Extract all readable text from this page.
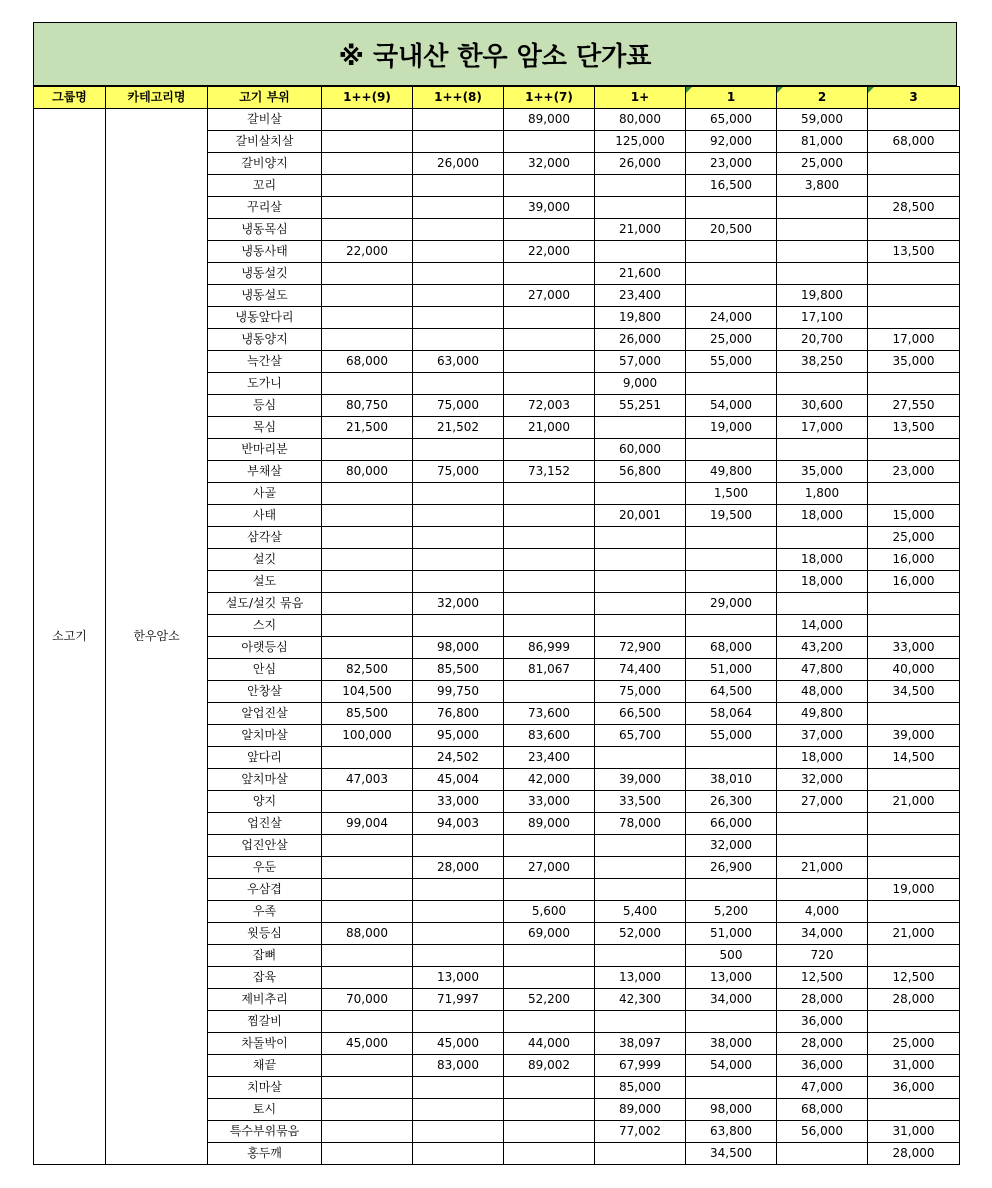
※ 국내산 한우 암소 단가표
그룹명	카테고리명	고기 부위	1++(9)	1++(8)	1++(7)	1+	1	2	3
소고기	한우암소	갈비살			89,000	80,000	65,000	59,000	
		갈비살치살				125,000	92,000	81,000	68,000
		갈비양지		26,000	32,000	26,000	23,000	25,000	
		꼬리					16,500	3,800	
		꾸리살			39,000				28,500
		냉동목심				21,000	20,500		
		냉동사태	22,000		22,000				13,500
		냉동설깃				21,600			
		냉동설도			27,000	23,400		19,800	
		냉동앞다리				19,800	24,000	17,100	
		냉동양지				26,000	25,000	20,700	17,000
		늑간살	68,000	63,000		57,000	55,000	38,250	35,000
		도가니				9,000			
		등심	80,750	75,000	72,003	55,251	54,000	30,600	27,550
		목심	21,500	21,502	21,000		19,000	17,000	13,500
		반마리분				60,000			
		부채살	80,000	75,000	73,152	56,800	49,800	35,000	23,000
		사골					1,500	1,800	
		사태				20,001	19,500	18,000	15,000
		삼각살							25,000
		설깃						18,000	16,000
		설도						18,000	16,000
		설도/설깃 묶음		32,000			29,000		
		스지						14,000	
		아랫등심		98,000	86,999	72,900	68,000	43,200	33,000
		안심	82,500	85,500	81,067	74,400	51,000	47,800	40,000
		안창살	104,500	99,750		75,000	64,500	48,000	34,500
		알업진살	85,500	76,800	73,600	66,500	58,064	49,800	
		알치마살	100,000	95,000	83,600	65,700	55,000	37,000	39,000
		앞다리		24,502	23,400			18,000	14,500
		앞치마살	47,003	45,004	42,000	39,000	38,010	32,000	
		양지		33,000	33,000	33,500	26,300	27,000	21,000
		업진살	99,004	94,003	89,000	78,000	66,000		
		업진안살					32,000		
		우둔		28,000	27,000		26,900	21,000	
		우삼겹							19,000
		우족			5,600	5,400	5,200	4,000	
		윗등심	88,000		69,000	52,000	51,000	34,000	21,000
		잡뼈					500	720	
		잡육		13,000		13,000	13,000	12,500	12,500
		제비추리	70,000	71,997	52,200	42,300	34,000	28,000	28,000
		찜갈비						36,000	
		차돌박이	45,000	45,000	44,000	38,097	38,000	28,000	25,000
		채끝		83,000	89,002	67,999	54,000	36,000	31,000
		치마살				85,000		47,000	36,000
		토시				89,000	98,000	68,000	
		특수부위묶음				77,002	63,800	56,000	31,000
		홍두깨					34,500		28,000
